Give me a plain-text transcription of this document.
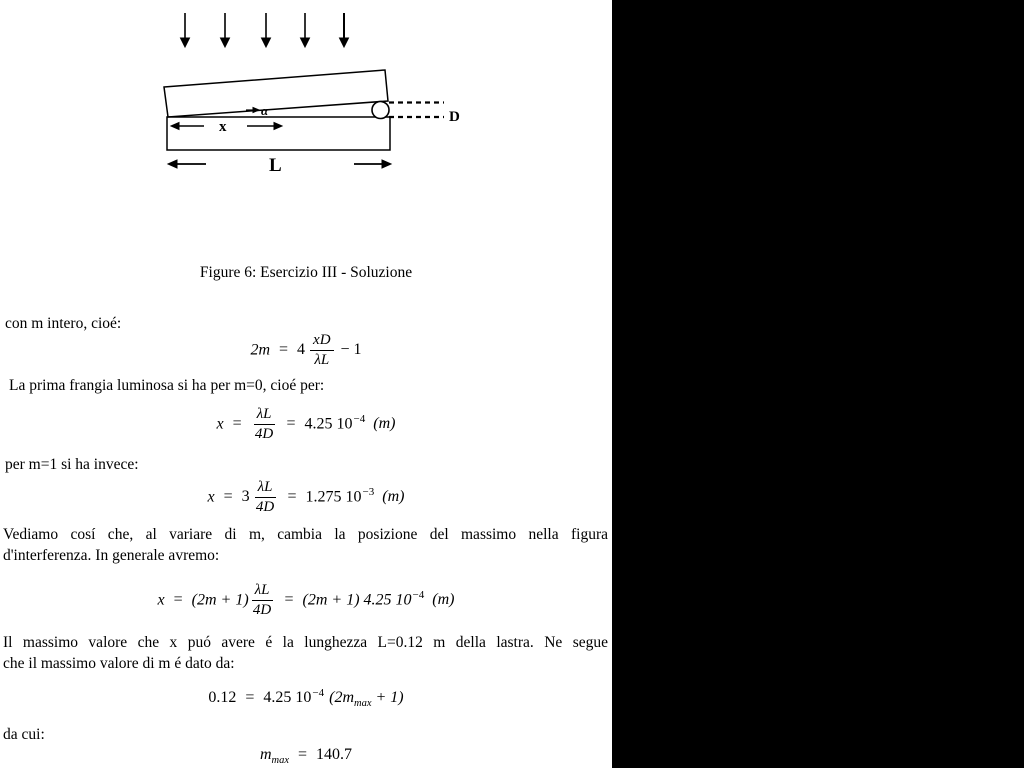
D
α
x
L
Figure 6: Esercizio III - Soluzione
con m intero, cioé:
$2m = 4 \frac{xD}{\lambda L} - 1$
La prima frangia luminosa si ha per m=0, cioé per:
$x = \frac{\lambda L}{4D} = 4.25$ $10^{-4}$ (m)
per m=1 si ha invece:
$x = 3 \frac{\lambda L}{4D} = 1.275$ $10^{-3}$ (m)
Vediamo cosí che, al variare di m, cambia la posizione del massimo nella figura
d'interferenza. In generale avremo:
$x = (2m + 1) \frac{\lambda L}{4D} = (2m + 1)$ 4.25 $10^{-4}$ (m)
Il massimo valore che x puó avere é la lunghezza L=0.12 m della lastra. Ne segue
che il massimo valore di m é dato da:
0.12 = 4.25 $10^{-4}$ $(2m_{max} + 1)$
da cui:
$m_{max} = 140.7$
